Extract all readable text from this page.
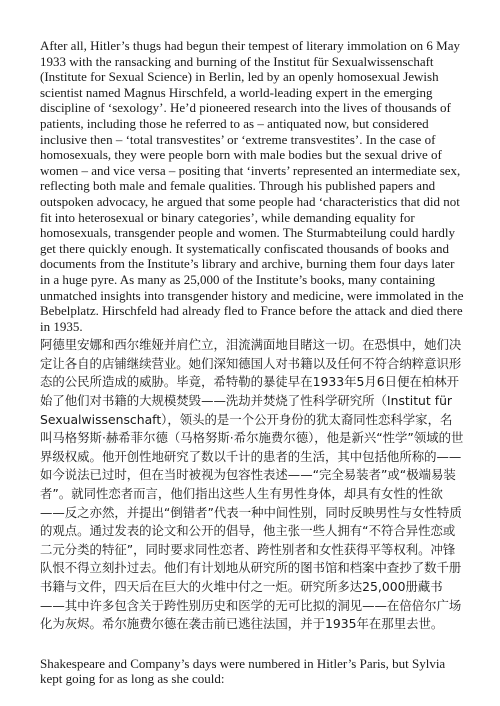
After all, Hitler’s thugs had begun their tempest of literary immolation on 6 May 1933 with the ransacking and burning of the Institut für Sexualwissenschaft (Institute for Sexual Science) in Berlin, led by an openly homosexual Jewish scientist named Magnus Hirschfeld, a world-leading expert in the emerging discipline of ‘sexology’. He’d pioneered research into the lives of thousands of patients, including those he referred to as – antiquated now, but considered inclusive then – ‘total transvestites’ or ‘extreme transvestites’. In the case of homosexuals, they were people born with male bodies but the sexual drive of women – and vice versa – positing that ‘inverts’ represented an intermediate sex, reflecting both male and female qualities. Through his published papers and outspoken advocacy, he argued that some people had ‘characteristics that did not fit into heterosexual or binary categories’, while demanding equality for homosexuals, transgender people and women. The Sturmabteilung could hardly get there quickly enough. It systematically confiscated thousands of books and documents from the Institute’s library and archive, burning them four days later in a huge pyre. As many as 25,000 of the Institute’s books, many containing unmatched insights into transgender history and medicine, were immolated in the Bebelplatz. Hirschfeld had already fled to France before the attack and died there in 1935.

阿德里安娜和西尔维娅并肩伫立，泪流满面地目睹这一切。在恐惧中，她们决定让各自的店铺继续营业。她们深知德国人对书籍以及任何不符合纳粹意识形态的公民所造成的威胁。毕竟，希特勒的暴徒早在1933年5月6日便在柏林开始了他们对书籍的大规模焚毁——洗劫并焚烧了性科学研究所（Institut für Sexualwissenschaft），领头的是一个公开身份的犹太裔同性恋科学家，名叫马格努斯·赫希菲尔德（马格努斯·希尔施费尔德），他是新兴“性学”领域的世界级权威。他开创性地研究了数以千计的患者的生活，其中包括他所称的——如今说法已过时，但在当时被视为包容性表述——“完全易装者”或“极端易装者”。就同性恋者而言，他们指出这些人生有男性身体，却具有女性的性欲——反之亦然，并提出“倒错者”代表一种中间性别，同时反映男性与女性特质的观点。通过发表的论文和公开的倡导，他主张一些人拥有“不符合异性恋或二元分类的特征”，同时要求同性恋者、跨性别者和女性获得平等权利。冲锋队恨不得立刻扑过去。他们有计划地从研究所的图书馆和档案中查抄了数千册书籍与文件，四天后在巨大的火堆中付之一炬。研究所多达25,000册藏书——其中许多包含关于跨性别历史和医学的无可比拟的洞见——在倍倍尔广场化为灰烬。希尔施费尔德在袭击前已逃往法国，并于1935年在那里去世。

Shakespeare and Company’s days were numbered in Hitler’s Paris, but Sylvia kept going for as long as she could:
